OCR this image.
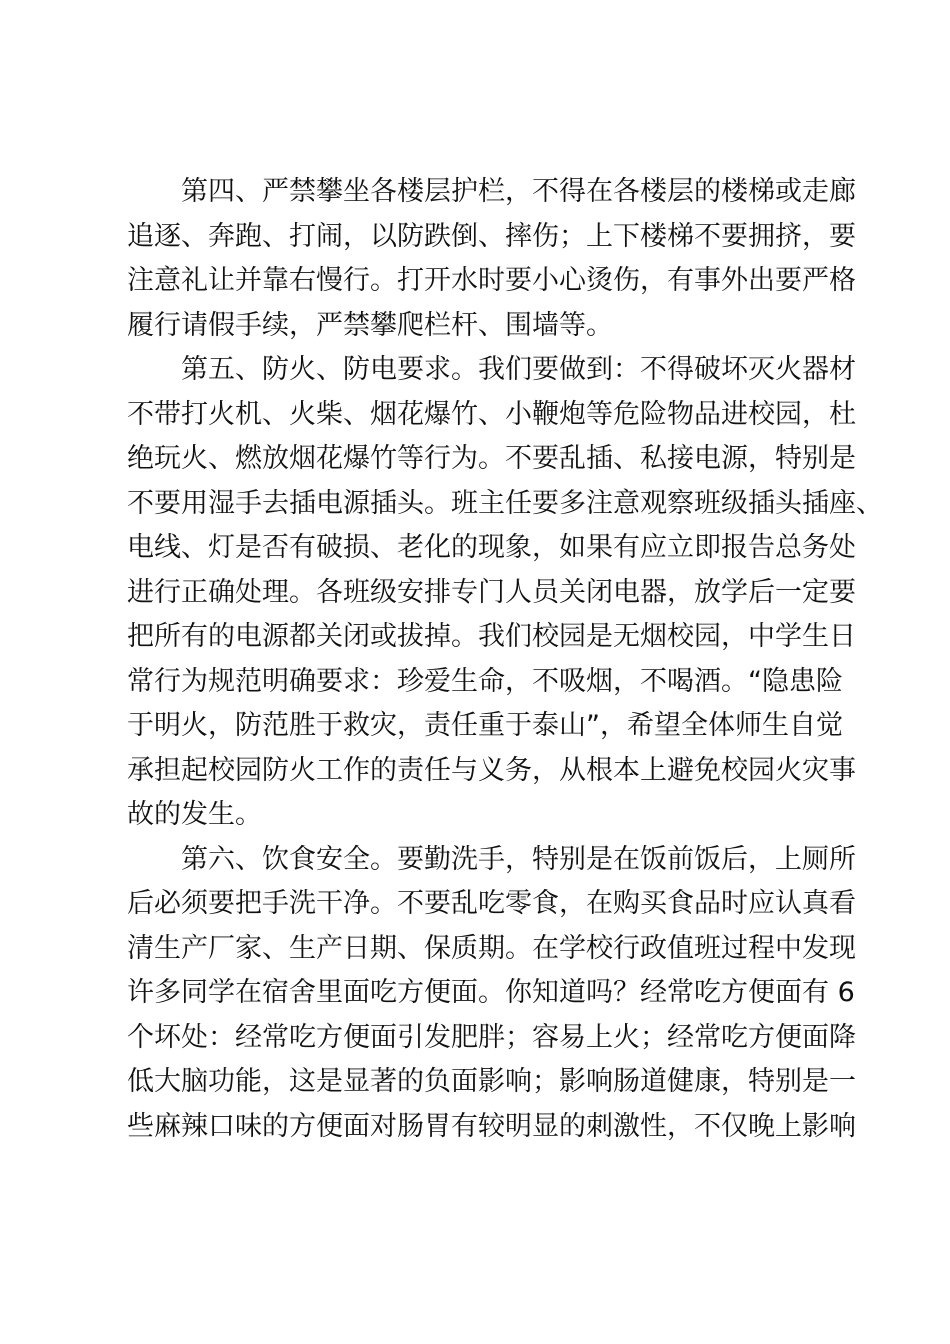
第四、严禁攀坐各楼层护栏，不得在各楼层的楼梯或走廊
追逐、奔跑、打闹，以防跌倒、摔伤；上下楼梯不要拥挤，要
注意礼让并靠右慢行。打开水时要小心烫伤，有事外出要严格
履行请假手续，严禁攀爬栏杆、围墙等。
第五、防火、防电要求。我们要做到：不得破坏灭火器材
不带打火机、火柴、烟花爆竹、小鞭炮等危险物品进校园，杜
绝玩火、燃放烟花爆竹等行为。不要乱插、私接电源，特别是
不要用湿手去插电源插头。班主任要多注意观察班级插头插座、
电线、灯是否有破损、老化的现象，如果有应立即报告总务处
进行正确处理。各班级安排专门人员关闭电器，放学后一定要
把所有的电源都关闭或拔掉。我们校园是无烟校园，中学生日
常行为规范明确要求：珍爱生命，不吸烟，不喝酒。“隐患险
于明火，防范胜于救灾，责任重于泰山”，希望全体师生自觉
承担起校园防火工作的责任与义务，从根本上避免校园火灾事
故的发生。
第六、饮食安全。要勤洗手，特别是在饭前饭后，上厕所
后必须要把手洗干净。不要乱吃零食，在购买食品时应认真看
清生产厂家、生产日期、保质期。在学校行政值班过程中发现
许多同学在宿舍里面吃方便面。你知道吗？经常吃方便面有 6
个坏处：经常吃方便面引发肥胖；容易上火；经常吃方便面降
低大脑功能，这是显著的负面影响；影响肠道健康，特别是一
些麻辣口味的方便面对肠胃有较明显的刺激性，不仅晚上影响
